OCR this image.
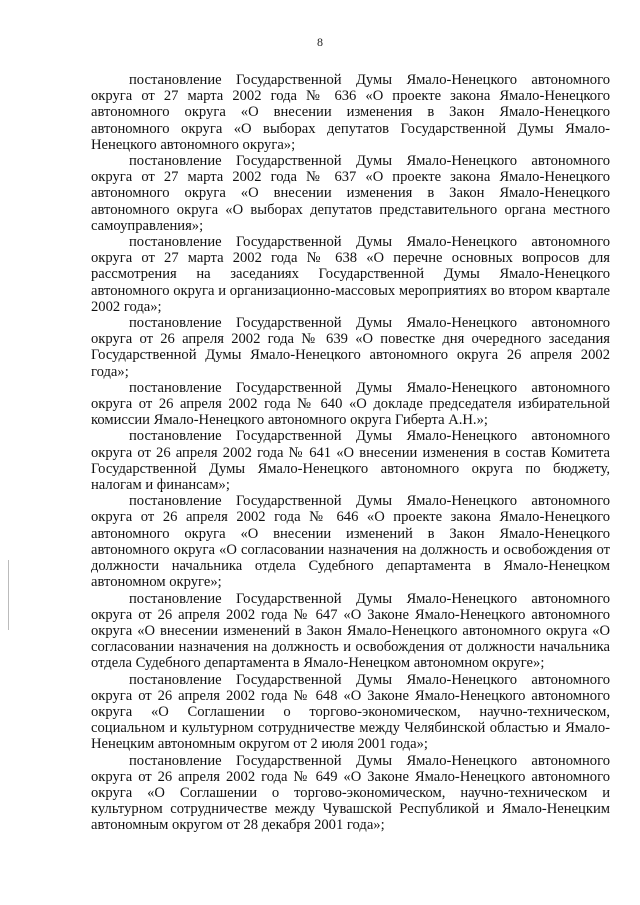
8

постановление Государственной Думы Ямало-Ненецкого автономного округа от 27 марта 2002 года № 636 «О проекте закона Ямало-Ненецкого автономного округа «О внесении изменения в Закон Ямало-Ненецкого автономного округа «О выборах депутатов Государственной Думы Ямало-Ненецкого автономного округа»;

постановление Государственной Думы Ямало-Ненецкого автономного округа от 27 марта 2002 года № 637 «О проекте закона Ямало-Ненецкого автономного округа «О внесении изменения в Закон Ямало-Ненецкого автономного округа «О выборах депутатов представительного органа местного самоуправления»;

постановление Государственной Думы Ямало-Ненецкого автономного округа от 27 марта 2002 года № 638 «О перечне основных вопросов для рассмотрения на заседаниях Государственной Думы Ямало-Ненецкого автономного округа и организационно-массовых мероприятиях во втором квартале 2002 года»;

постановление Государственной Думы Ямало-Ненецкого автономного округа от 26 апреля 2002 года № 639 «О повестке дня очередного заседания Государственной Думы Ямало-Ненецкого автономного округа 26 апреля 2002 года»;

постановление Государственной Думы Ямало-Ненецкого автономного округа от 26 апреля 2002 года № 640 «О докладе председателя избирательной комиссии Ямало-Ненецкого автономного округа Гиберта А.Н.»;

постановление Государственной Думы Ямало-Ненецкого автономного округа от 26 апреля 2002 года № 641 «О внесении изменения в состав Комитета Государственной Думы Ямало-Ненецкого автономного округа по бюджету, налогам и финансам»;

постановление Государственной Думы Ямало-Ненецкого автономного округа от 26 апреля 2002 года № 646 «О проекте закона Ямало-Ненецкого автономного округа «О внесении изменений в Закон Ямало-Ненецкого автономного округа «О согласовании назначения на должность и освобождения от должности начальника отдела Судебного департамента в Ямало-Ненецком автономном округе»;

постановление Государственной Думы Ямало-Ненецкого автономного округа от 26 апреля 2002 года № 647 «О Законе Ямало-Ненецкого автономного округа «О внесении изменений в Закон Ямало-Ненецкого автономного округа «О согласовании назначения на должность и освобождения от должности начальника отдела Судебного департамента в Ямало-Ненецком автономном округе»;

постановление Государственной Думы Ямало-Ненецкого автономного округа от 26 апреля 2002 года № 648 «О Законе Ямало-Ненецкого автономного округа «О Соглашении о торгово-экономическом, научно-техническом, социальном и культурном сотрудничестве между Челябинской областью и Ямало-Ненецким автономным округом от 2 июля 2001 года»;

постановление Государственной Думы Ямало-Ненецкого автономного округа от 26 апреля 2002 года № 649 «О Законе Ямало-Ненецкого автономного округа «О Соглашении о торгово-экономическом, научно-техническом и культурном сотрудничестве между Чувашской Республикой и Ямало-Ненецким автономным округом от 28 декабря 2001 года»;
